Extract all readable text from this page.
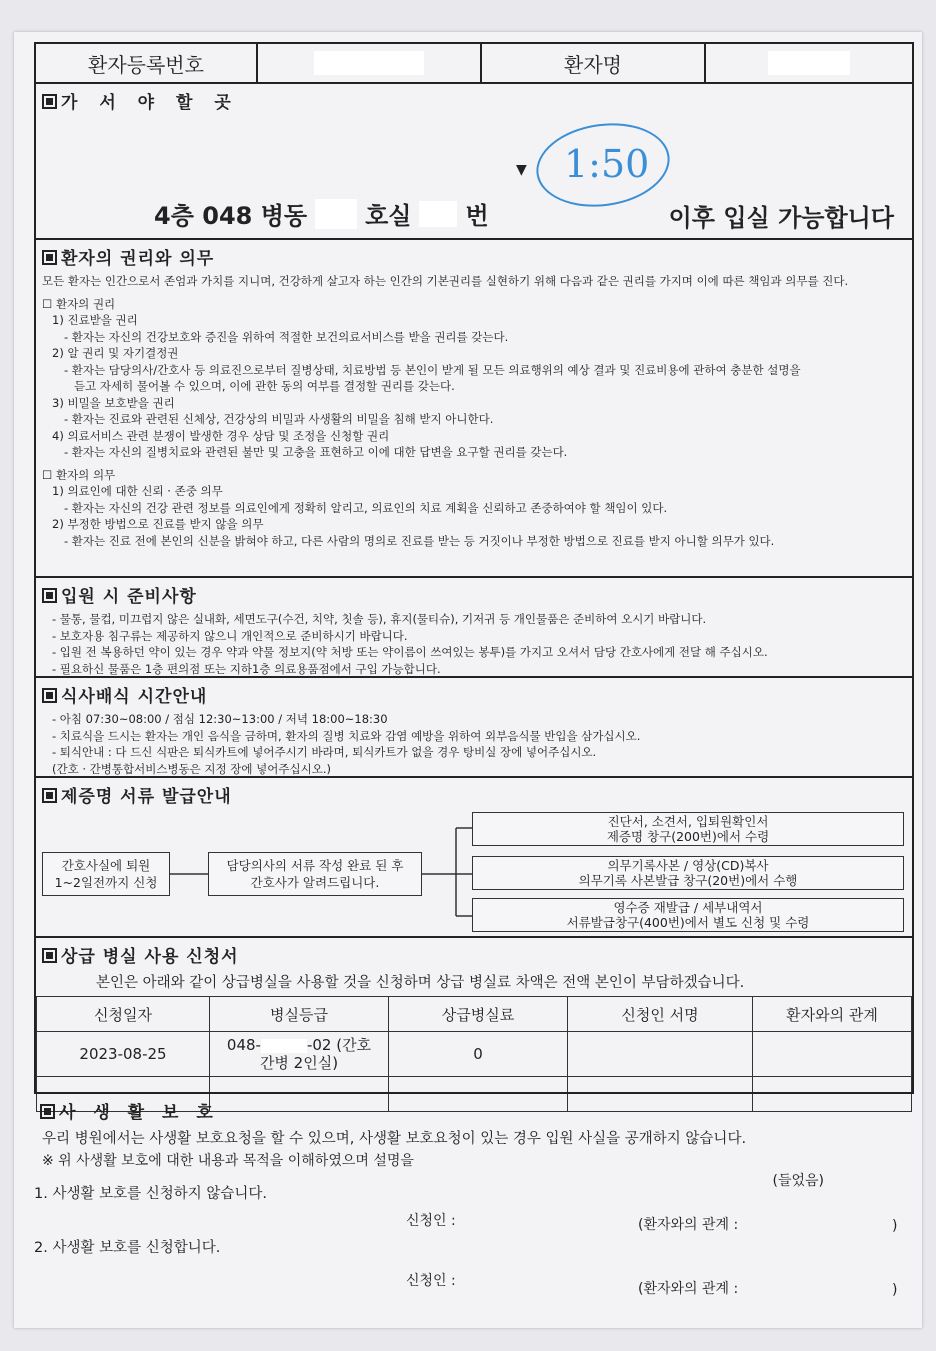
환자등록번호	환자명
가 서 야 할 곳
▼ 1:50
4층 048 병동 호실 번	이후 입실 가능합니다
환자의 권리와 의무
모든 환자는 인간으로서 존엄과 가치를 지니며, 건강하게 살고자 하는 인간의 기본권리를 실현하기 위해 다음과 같은 권리를 가지며 이에 따른 책임과 의무를 진다.
☐ 환자의 권리
1) 진료받을 권리
- 환자는 자신의 건강보호와 증진을 위하여 적절한 보건의료서비스를 받을 권리를 갖는다.
2) 알 권리 및 자기결정권
- 환자는 담당의사/간호사 등 의료진으로부터 질병상태, 치료방법 등 본인이 받게 될 모든 의료행위의 예상 결과 및 진료비용에 관하여 충분한 설명을
듣고 자세히 물어볼 수 있으며, 이에 관한 동의 여부를 결정할 권리를 갖는다.
3) 비밀을 보호받을 권리
- 환자는 진료와 관련된 신체상, 건강상의 비밀과 사생활의 비밀을 침해 받지 아니한다.
4) 의료서비스 관련 분쟁이 발생한 경우 상담 및 조정을 신청할 권리
- 환자는 자신의 질병치료와 관련된 불만 및 고충을 표현하고 이에 대한 답변을 요구할 권리를 갖는다.
☐ 환자의 의무
1) 의료인에 대한 신뢰 · 존중 의무
- 환자는 자신의 건강 관련 정보를 의료인에게 정확히 알리고, 의료인의 치료 계획을 신뢰하고 존중하여야 할 책임이 있다.
2) 부정한 방법으로 진료를 받지 않을 의무
- 환자는 진료 전에 본인의 신분을 밝혀야 하고, 다른 사람의 명의로 진료를 받는 등 거짓이나 부정한 방법으로 진료를 받지 아니할 의무가 있다.
입원 시 준비사항
- 물통, 물컵, 미끄럽지 않은 실내화, 세면도구(수건, 치약, 칫솔 등), 휴지(물티슈), 기저귀 등 개인물품은 준비하여 오시기 바랍니다.
- 보호자용 침구류는 제공하지 않으니 개인적으로 준비하시기 바랍니다.
- 입원 전 복용하던 약이 있는 경우 약과 약물 정보지(약 처방 또는 약이름이 쓰여있는 봉투)를 가지고 오셔서 담당 간호사에게 전달 해 주십시오.
- 필요하신 물품은 1층 편의점 또는 지하1층 의료용품점에서 구입 가능합니다.
식사배식 시간안내
- 아침 07:30~08:00 / 점심 12:30~13:00 / 저녁 18:00~18:30
- 치료식을 드시는 환자는 개인 음식을 금하며, 환자의 질병 치료와 감염 예방을 위하여 외부음식물 반입을 삼가십시오.
- 퇴식안내 : 다 드신 식판은 퇴식카트에 넣어주시기 바라며, 퇴식카트가 없을 경우 탕비실 장에 넣어주십시오.
(간호 · 간병통합서비스병동은 지정 장에 넣어주십시오.)
제증명 서류 발급안내
간호사실에 퇴원
1~2일전까지 신청
담당의사의 서류 작성 완료 된 후
간호사가 알려드립니다.
진단서, 소견서, 입퇴원확인서
제증명 창구(200번)에서 수령
의무기록사본 / 영상(CD)복사
의무기록 사본발급 창구(20번)에서 수행
영수증 재발급 / 세부내역서
서류발급창구(400번)에서 별도 신청 및 수령
상급 병실 사용 신청서
본인은 아래와 같이 상급병실을 사용할 것을 신청하며 상급 병실료 차액은 전액 본인이 부담하겠습니다.
신청일자	병실등급	상급병실료	신청인 서명	환자와의 관계
2023-08-25	048- -02 (간호
간병 2인실)	0		

사 생 활 보 호
우리 병원에서는 사생활 보호요청을 할 수 있으며, 사생활 보호요청이 있는 경우 입원 사실을 공개하지 않습니다.
※ 위 사생활 보호에 대한 내용과 목적을 이해하였으며 설명을
(들었음)
1. 사생활 보호를 신청하지 않습니다.
신청인 :	(환자와의 관계 :	)
2. 사생활 보호를 신청합니다.
신청인 :	(환자와의 관계 :	)
